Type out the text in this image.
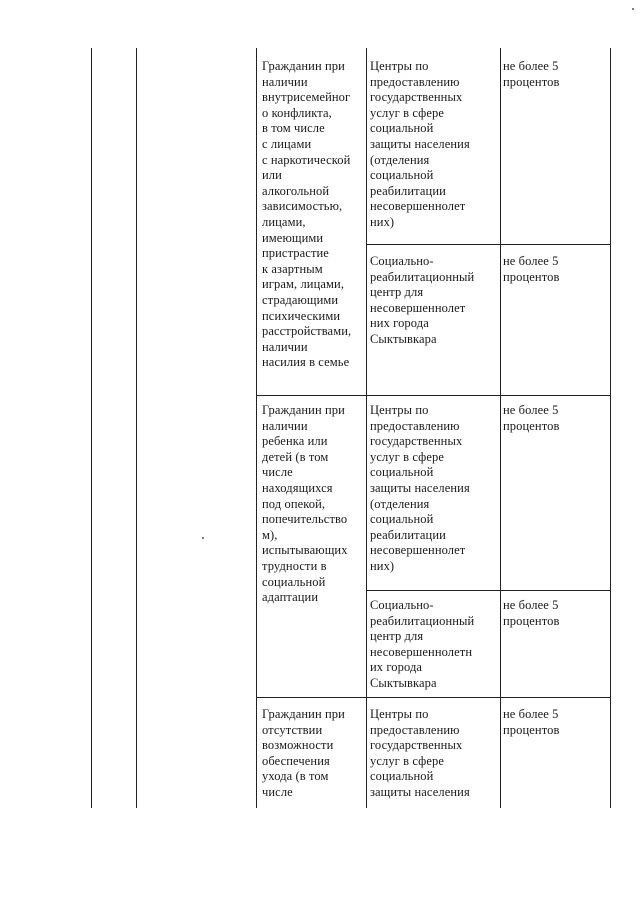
Гражданин при
наличии
внутрисемейног
о конфликта,
в том числе
с лицами
с наркотической
или
алкогольной
зависимостью,
лицами,
имеющими
пристрастие
к азартным
играм, лицами,
страдающими
психическими
расстройствами,
наличии
насилия в семье
Центры по
предоставлению
государственных
услуг в сфере
социальной
защиты населения
(отделения
социальной
реабилитации
несовершеннолет
них)
не более 5
процентов
Социально-
реабилитационный
центр для
несовершеннолет
них города
Сыктывкара
не более 5
процентов
Гражданин при
наличии
ребенка или
детей (в том
числе
находящихся
под опекой,
попечительство
м),
испытывающих
трудности в
социальной
адаптации
Центры по
предоставлению
государственных
услуг в сфере
социальной
защиты населения
(отделения
социальной
реабилитации
несовершеннолет
них)
не более 5
процентов
Социально-
реабилитационный
центр для
несовершеннолетн
их города
Сыктывкара
не более 5
процентов
Гражданин при
отсутствии
возможности
обеспечения
ухода (в том
числе
Центры по
предоставлению
государственных
услуг в сфере
социальной
защиты населения
не более 5
процентов
